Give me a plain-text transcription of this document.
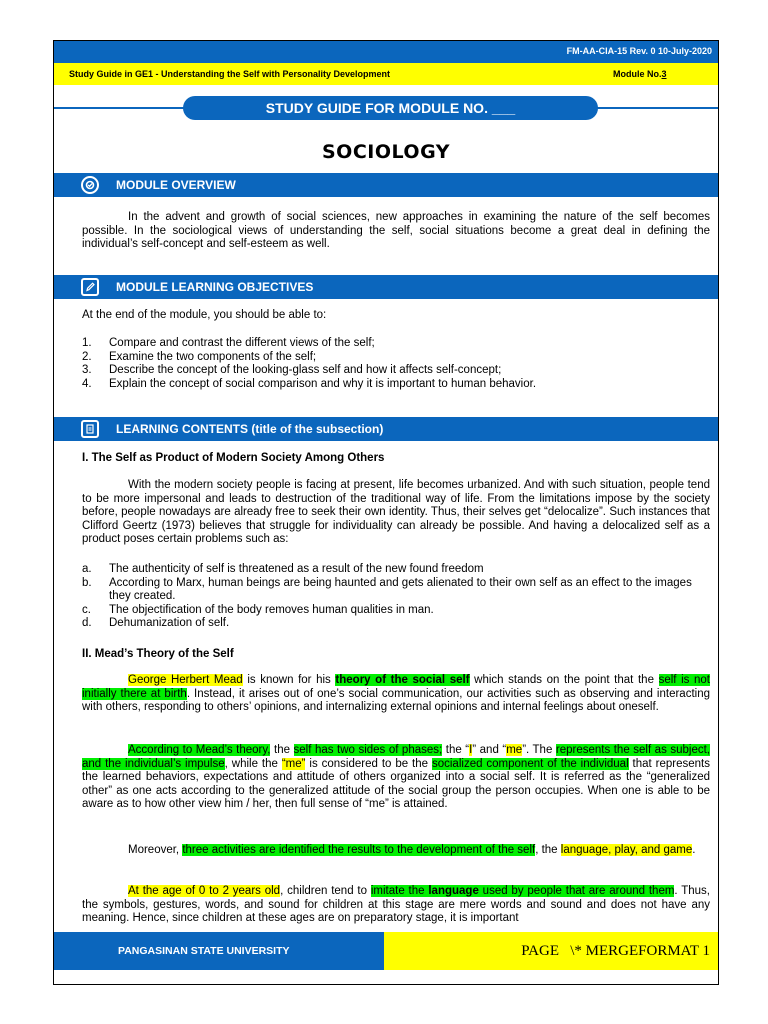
FM-AA-CIA-15 Rev. 0 10-July-2020
Study Guide in GE1 - Understanding the Self with Personality Development	Module No.3
STUDY GUIDE FOR MODULE NO. ___
SOCIOLOGY
MODULE OVERVIEW
In the advent and growth of social sciences, new approaches in examining the nature of the self becomes possible. In the sociological views of understanding the self, social situations become a great deal in defining the individual’s self-concept and self-esteem as well.
MODULE LEARNING OBJECTIVES
At the end of the module, you should be able to:
1. Compare and contrast the different views of the self;
2. Examine the two components of the self;
3. Describe the concept of the looking-glass self and how it affects self-concept;
4. Explain the concept of social comparison and why it is important to human behavior.
LEARNING CONTENTS (title of the subsection)
I. The Self as Product of Modern Society Among Others
With the modern society people is facing at present, life becomes urbanized. And with such situation, people tend to be more impersonal and leads to destruction of the traditional way of life. From the limitations impose by the society before, people nowadays are already free to seek their own identity. Thus, their selves get “delocalize”. Such instances that Clifford Geertz (1973) believes that struggle for individuality can already be possible. And having a delocalized self as a product poses certain problems such as:
a. The authenticity of self is threatened as a result of the new found freedom
b. According to Marx, human beings are being haunted and gets alienated to their own self as an effect to the images they created.
c. The objectification of the body removes human qualities in man.
d. Dehumanization of self.
II. Mead’s Theory of the Self
George Herbert Mead is known for his theory of the social self which stands on the point that the self is not initially there at birth. Instead, it arises out of one’s social communication, our activities such as observing and interacting with others, responding to others’ opinions, and internalizing external opinions and internal feelings about oneself.
According to Mead’s theory, the self has two sides of phases; the “I” and “me”. The represents the self as subject, and the individual’s impulse, while the “me” is considered to be the socialized component of the individual that represents the learned behaviors, expectations and attitude of others organized into a social self. It is referred as the “generalized other” as one acts according to the generalized attitude of the social group the person occupies. When one is able to be aware as to how other view him / her, then full sense of “me” is attained.
Moreover, three activities are identified the results to the development of the self, the language, play, and game.
At the age of 0 to 2 years old, children tend to imitate the language used by people that are around them. Thus, the symbols, gestures, words, and sound for children at this stage are mere words and sound and does not have any meaning. Hence, since children at these ages are on preparatory stage, it is important
PANGASINAN STATE UNIVERSITY	PAGE   \* MERGEFORMAT 1
